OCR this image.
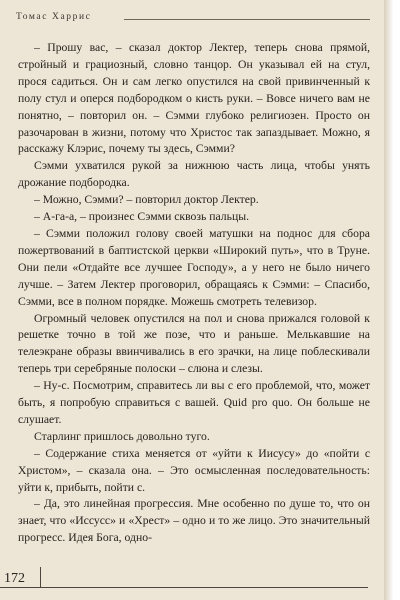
Томас Харрис

– Прошу вас, – сказал доктор Лектер, теперь снова прямой, стройный и грациозный, словно танцор. Он указывал ей на стул, прося садиться. Он и сам легко опустился на свой привинченный к полу стул и оперся подбородком о кисть руки. – Вовсе ничего вам не понятно, – повторил он. – Сэмми глубоко религиозен. Просто он разочарован в жизни, потому что Христос так запаздывает. Можно, я расскажу Клэрис, почему ты здесь, Сэмми?

Сэмми ухватился рукой за нижнюю часть лица, чтобы унять дрожание подбородка.

– Можно, Сэмми? – повторил доктор Лектер.

– А-га-а, – произнес Сэмми сквозь пальцы.

– Сэмми положил голову своей матушки на поднос для сбора пожертвований в баптистской церкви «Широкий путь», что в Труне. Они пели «Отдайте все лучшее Господу», а у него не было ничего лучше. – Затем Лектер проговорил, обращаясь к Сэмми: – Спасибо, Сэмми, все в полном порядке. Можешь смотреть телевизор.

Огромный человек опустился на пол и снова прижался головой к решетке точно в той же позе, что и раньше. Мелькавшие на телеэкране образы ввинчивались в его зрачки, на лице поблескивали теперь три серебряные полоски – слюна и слезы.

– Ну-с. Посмотрим, справитесь ли вы с его проблемой, что, может быть, я попробую справиться с вашей. Quid pro quo. Он больше не слушает.

Старлинг пришлось довольно туго.

– Содержание стиха меняется от «уйти к Иисусу» до «пойти с Христом», – сказала она. – Это осмысленная последовательность: уйти к, прибыть, пойти с.

– Да, это линейная прогрессия. Мне особенно по душе то, что он знает, что «Иссусс» и «Хрест» – одно и то же лицо. Это значительный прогресс. Идея Бога, одно-

172
